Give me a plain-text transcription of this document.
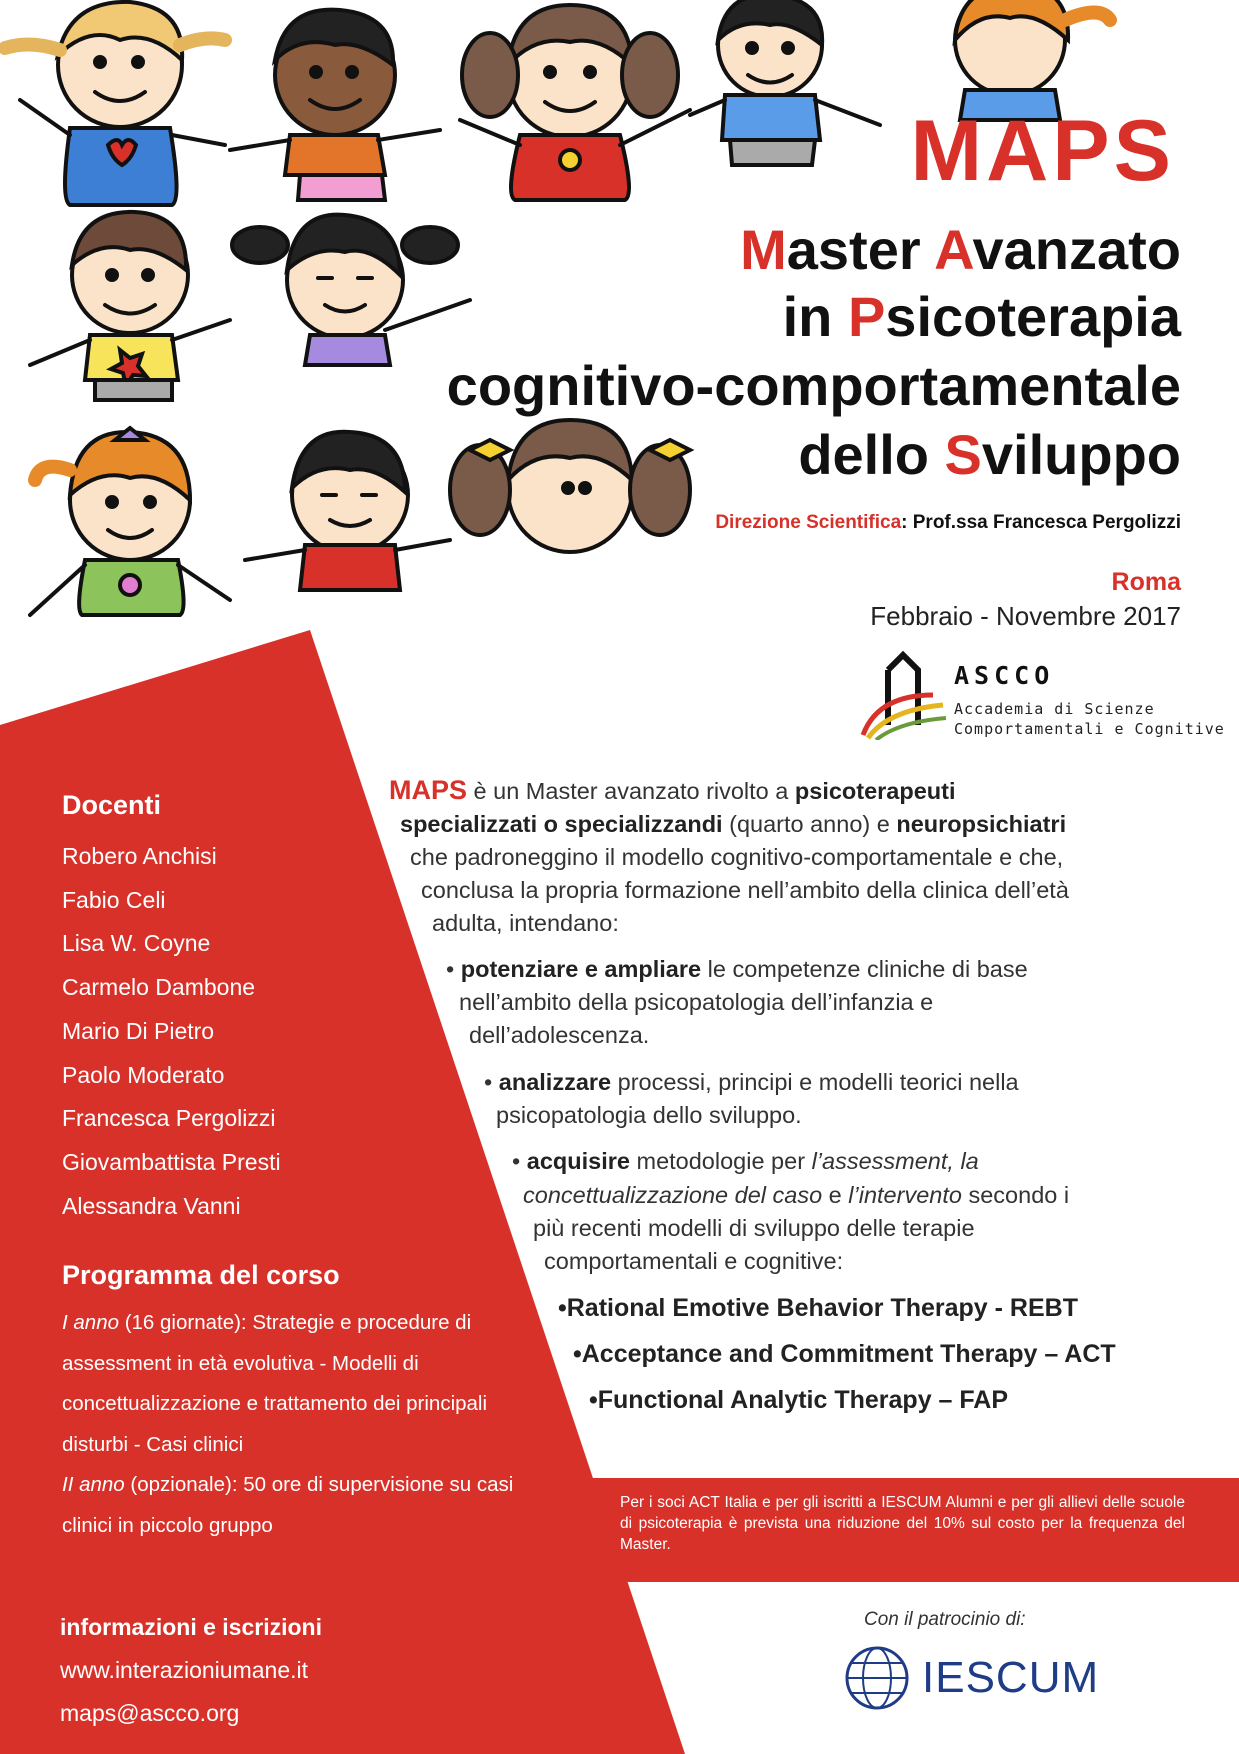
MAPS
Master Avanzato
in Psicoterapia
cognitivo-comportamentale
dello Sviluppo
Direzione Scientifica: Prof.ssa Francesca Pergolizzi
Roma
Febbraio - Novembre 2017
ASCCO
Accademia di Scienze
Comportamentali e Cognitive
Docenti
Robero Anchisi
Fabio Celi
Lisa W. Coyne
Carmelo Dambone
Mario Di Pietro
Paolo Moderato
Francesca Pergolizzi
Giovambattista Presti
Alessandra Vanni
Programma del corso
I anno (16 giornate): Strategie e procedure di assessment in età evolutiva - Modelli di concettualizzazione e trattamento dei principali disturbi - Casi clinici
II anno (opzionale): 50 ore di supervisione su casi clinici in piccolo gruppo
informazioni e iscrizioni
www.interazioniumane.it
maps@ascco.org
MAPS è un Master avanzato rivolto a psicoterapeuti
specializzati o specializzandi (quarto anno) e neuropsichiatri
che padroneggino il modello cognitivo-comportamentale e che,
conclusa la propria formazione nell’ambito della clinica dell’età
adulta, intendano:
• potenziare e ampliare le competenze cliniche di base
nell’ambito della psicopatologia dell’infanzia e
dell’adolescenza.
• analizzare processi, principi e modelli teorici nella
psicopatologia dello sviluppo.
• acquisire metodologie per l’assessment, la
concettualizzazione del caso e l’intervento secondo i
più recenti modelli di sviluppo delle terapie
comportamentali e cognitive:
•Rational Emotive Behavior Therapy - REBT
•Acceptance and Commitment Therapy – ACT
•Functional Analytic Therapy – FAP
Per i soci ACT Italia e per gli iscritti a IESCUM Alumni e per gli allievi delle scuole di psicoterapia è prevista una riduzione del 10% sul costo per la frequenza del Master.
Con il patrocinio di:
IESCUM
